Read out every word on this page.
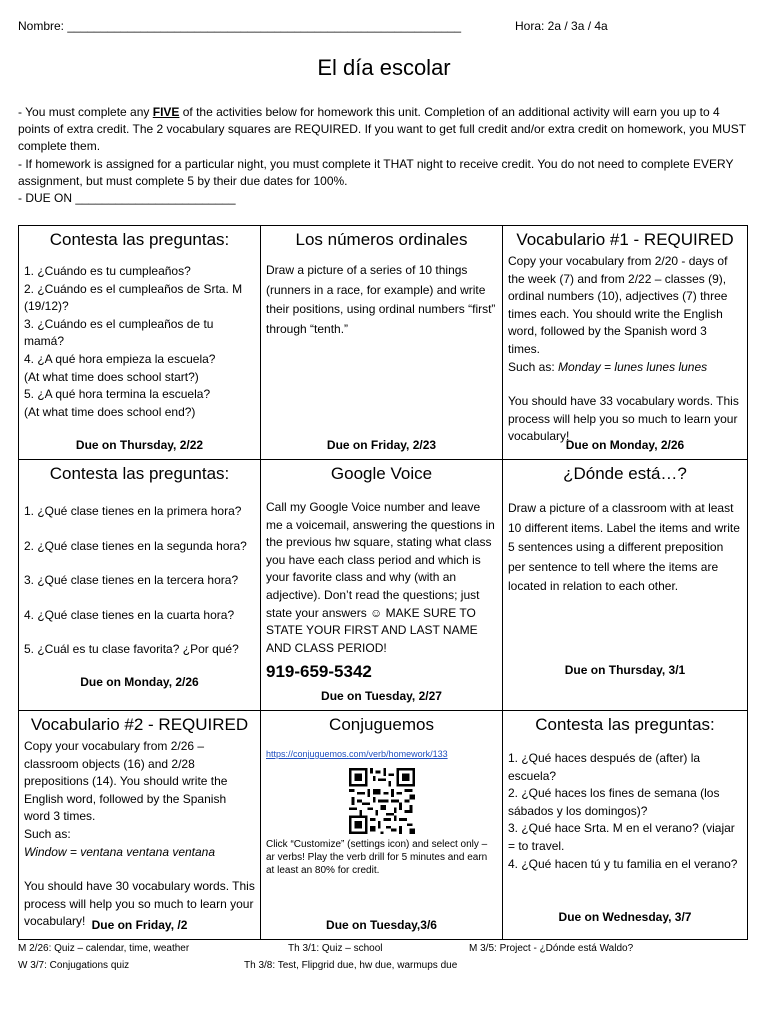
Nombre: ___________________________________________________________	Hora: 2a / 3a / 4a
El día escolar

- You must complete any FIVE of the activities below for homework this unit. Completion of an additional activity will earn you up to 4 points of extra credit. The 2 vocabulary squares are REQUIRED. If you want to get full credit and/or extra credit on homework, you MUST complete them.

- If homework is assigned for a particular night, you must complete it THAT night to receive credit. You do not need to complete EVERY assignment, but must complete 5 by their due dates for 100%.

- DUE ON ________________________

Contesta las preguntas:
1. ¿Cuándo es tu cumpleaños?
2. ¿Cuándo es el cumpleaños de Srta. M (19/12)?
3. ¿Cuándo es el cumpleaños de tu mamá?
4. ¿A qué hora empieza la escuela?
(At what time does school start?)
5. ¿A qué hora termina la escuela?
(At what time does school end?)
Due on Thursday, 2/22
Los números ordinales
Draw a picture of a series of 10 things (runners in a race, for example) and write their positions, using ordinal numbers “first” through “tenth.”
Due on Friday, 2/23
Vocabulario #1 - REQUIRED
Copy your vocabulary from 2/20 - days of the week (7) and from 2/22 – classes (9), ordinal numbers (10), adjectives (7) three times each. You should write the English word, followed by the Spanish word 3 times.
Such as: Monday = lunes lunes lunes
You should have 33 vocabulary words. This process will help you so much to learn your vocabulary!
Due on Monday, 2/26
Contesta las preguntas:
1. ¿Qué clase tienes en la primera hora?
2. ¿Qué clase tienes en la segunda hora?
3. ¿Qué clase tienes en la tercera hora?
4. ¿Qué clase tienes en la cuarta hora?
5. ¿Cuál es tu clase favorita? ¿Por qué?
Due on Monday, 2/26
Google Voice
Call my Google Voice number and leave me a voicemail, answering the questions in the previous hw square, stating what class you have each class period and which is your favorite class and why (with an adjective). Don’t read the questions; just state your answers ☺ MAKE SURE TO STATE YOUR FIRST AND LAST NAME AND CLASS PERIOD!
919-659-5342
Due on Tuesday, 2/27
¿Dónde está…?
Draw a picture of a classroom with at least 10 different items. Label the items and write 5 sentences using a different preposition per sentence to tell where the items are located in relation to each other.
Due on Thursday, 3/1
Vocabulario #2 - REQUIRED
Copy your vocabulary from 2/26 – classroom objects (16) and 2/28 prepositions (14). You should write the English word, followed by the Spanish word 3 times.
Such as:
Window = ventana ventana ventana
You should have 30 vocabulary words. This process will help you so much to learn your vocabulary! Due on Friday, /2
Conjuguemos
https://conjuguemos.com/verb/homework/133
Click “Customize” (settings icon) and select only – ar verbs! Play the verb drill for 5 minutes and earn at least an 80% for credit.
Due on Tuesday,3/6
Contesta las preguntas:
1. ¿Qué haces después de (after) la escuela?
2. ¿Qué haces los fines de semana (los sábados y los domingos)?
3. ¿Qué hace Srta. M en el verano? (viajar = to travel.
4. ¿Qué hacen tú y tu familia en el verano?
Due on Wednesday, 3/7
M 2/26: Quiz – calendar, time, weather	Th 3/1: Quiz – school	M 3/5: Project - ¿Dónde está Waldo?
W 3/7: Conjugations quiz	Th 3/8: Test, Flipgrid due, hw due, warmups due
